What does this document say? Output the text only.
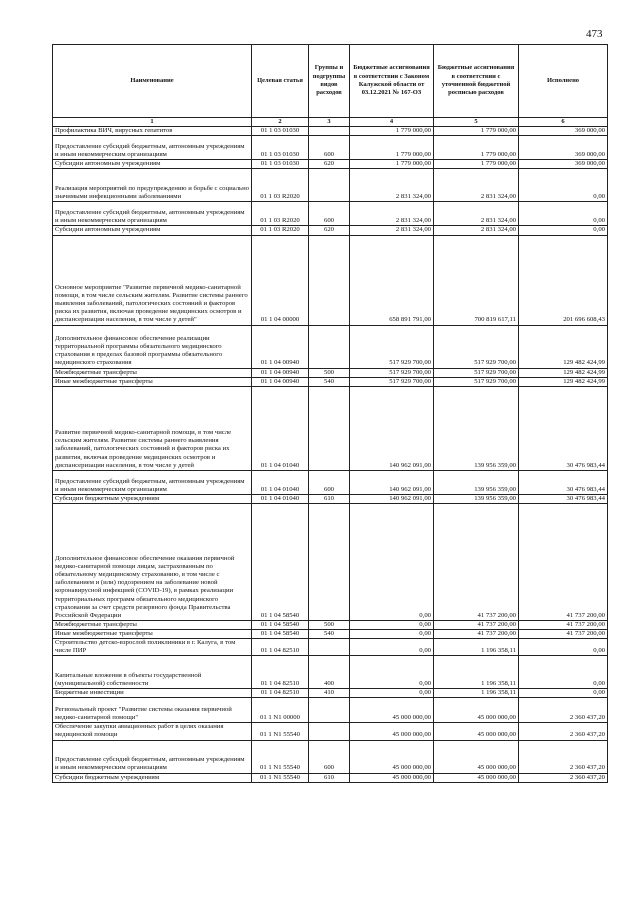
473
Наименование	Целевая статья	Группы и подгруппы видов расходов	Бюджетные ассигнования в соответствии с Законом Калужской области от 03.12.2021 № 167-ОЗ	Бюджетные ассигнования в соответствии с уточненной бюджетной росписью расходов	Исполнено
1	2	3	4	5	6
Профилактика ВИЧ, вирусных гепатитов	01 1 03 01030		1 779 000,00	1 779 000,00	369 000,00
Предоставление субсидий бюджетным, автономным учреждениям и иным некоммерческим организациям	01 1 03 01030	600	1 779 000,00	1 779 000,00	369 000,00
Субсидии автономным учреждениям	01 1 03 01030	620	1 779 000,00	1 779 000,00	369 000,00
Реализация мероприятий по предупреждению и борьбе с социально значимыми инфекционными заболеваниями	01 1 03 R2020		2 831 324,00	2 831 324,00	0,00
Предоставление субсидий бюджетным, автономным учреждениям и иным некоммерческим организациям	01 1 03 R2020	600	2 831 324,00	2 831 324,00	0,00
Субсидии автономным учреждениям	01 1 03 R2020	620	2 831 324,00	2 831 324,00	0,00
Основное мероприятие "Развитие первичной медико-санитарной помощи, в том числе сельским жителям. Развитие системы раннего выявления заболеваний, патологических состояний и факторов риска их развития, включая проведение медицинских осмотров и диспансеризации населения, в том числе у детей"	01 1 04 00000		658 891 791,00	700 819 617,11	201 696 608,43
Дополнительное финансовое обеспечение реализации территориальной программы обязательного медицинского страхования в пределах базовой программы обязательного медицинского страхования	01 1 04 00940		517 929 700,00	517 929 700,00	129 482 424,99
Межбюджетные трансферты	01 1 04 00940	500	517 929 700,00	517 929 700,00	129 482 424,99
Иные межбюджетные трансферты	01 1 04 00940	540	517 929 700,00	517 929 700,00	129 482 424,99
Развитие первичной медико-санитарной помощи, в том числе сельским жителям. Развитие системы раннего выявления заболеваний, патологических состояний и факторов риска их развития, включая проведение медицинских осмотров и диспансеризации населения, в том числе у детей	01 1 04 01040		140 962 091,00	139 956 359,00	30 476 983,44
Предоставление субсидий бюджетным, автономным учреждениям и иным некоммерческим организациям	01 1 04 01040	600	140 962 091,00	139 956 359,00	30 476 983,44
Субсидии бюджетным учреждениям	01 1 04 01040	610	140 962 091,00	139 956 359,00	30 476 983,44
Дополнительное финансовое обеспечение оказания первичной медико-санитарной помощи лицам, застрахованным по обязательному медицинскому страхованию, в том числе с заболеванием и (или) подозрением на заболевание новой коронавирусной инфекцией (COVID-19), в рамках реализации территориальных программ обязательного медицинского страхования за счет средств резервного фонда Правительства Российской Федерации	01 1 04 58540		0,00	41 737 200,00	41 737 200,00
Межбюджетные трансферты	01 1 04 58540	500	0,00	41 737 200,00	41 737 200,00
Иные межбюджетные трансферты	01 1 04 58540	540	0,00	41 737 200,00	41 737 200,00
Строительство детско-взрослой поликлиники в г. Калуга, в том числе ПИР	01 1 04 82510		0,00	1 196 358,11	0,00
Капитальные вложения в объекты государственной (муниципальной) собственности	01 1 04 82510	400	0,00	1 196 358,11	0,00
Бюджетные инвестиции	01 1 04 82510	410	0,00	1 196 358,11	0,00
Региональный проект "Развитие системы оказания первичной медико-санитарной помощи"	01 1 N1 00000		45 000 000,00	45 000 000,00	2 360 437,20
Обеспечение закупки авиационных работ в целях оказания медицинской помощи	01 1 N1 55540		45 000 000,00	45 000 000,00	2 360 437,20
Предоставление субсидий бюджетным, автономным учреждениям и иным некоммерческим организациям	01 1 N1 55540	600	45 000 000,00	45 000 000,00	2 360 437,20
Субсидии бюджетным учреждениям	01 1 N1 55540	610	45 000 000,00	45 000 000,00	2 360 437,20
